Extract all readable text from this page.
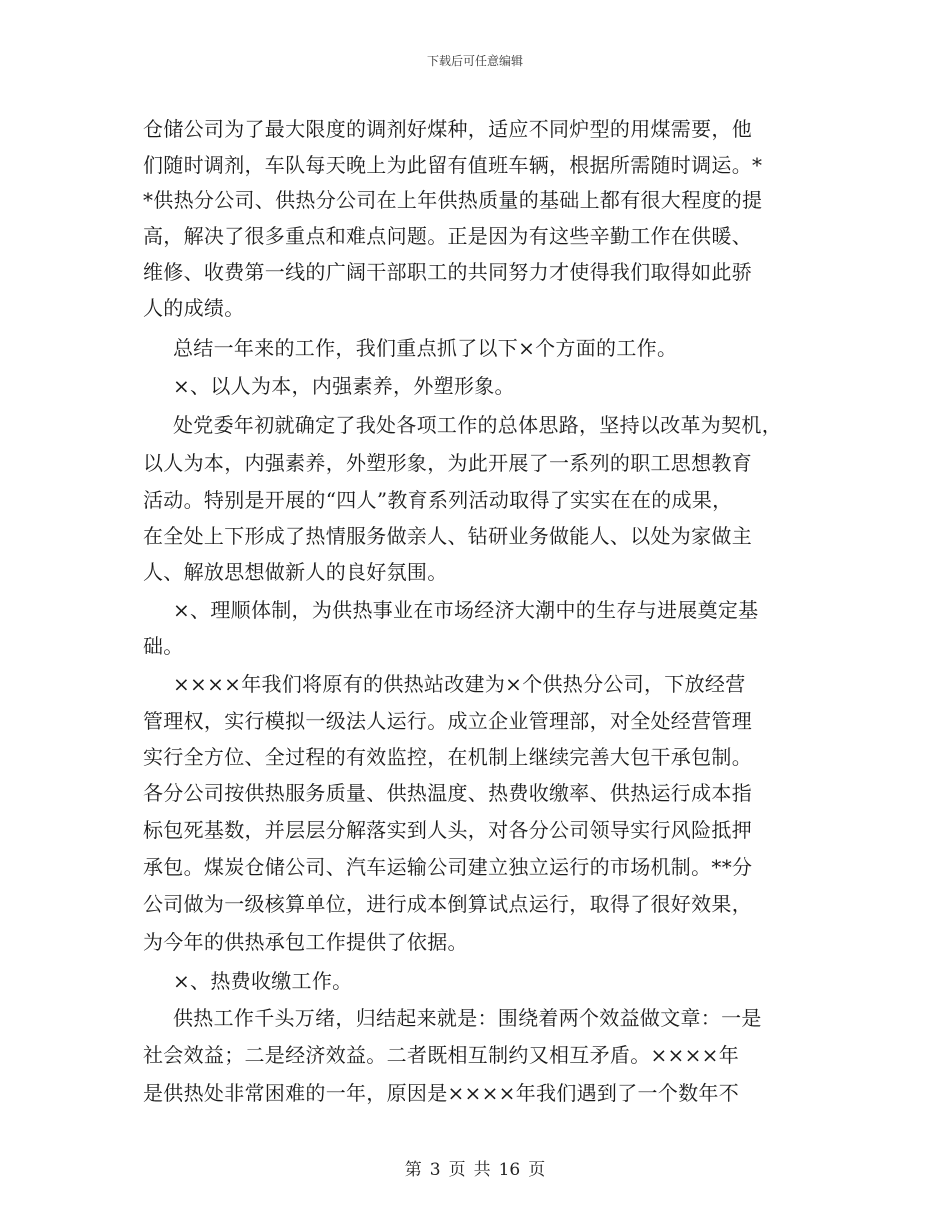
下载后可任意编辑
仓储公司为了最大限度的调剂好煤种，适应不同炉型的用煤需要，他
们随时调剂，车队每天晚上为此留有值班车辆，根据所需随时调运。*
*供热分公司、供热分公司在上年供热质量的基础上都有很大程度的提
高，解决了很多重点和难点问题。正是因为有这些辛勤工作在供暖、
维修、收费第一线的广阔干部职工的共同努力才使得我们取得如此骄
人的成绩。
总结一年来的工作，我们重点抓了以下×个方面的工作。
×、以人为本，内强素养，外塑形象。
处党委年初就确定了我处各项工作的总体思路，坚持以改革为契机，
以人为本，内强素养，外塑形象，为此开展了一系列的职工思想教育
活动。特别是开展的“四人”教育系列活动取得了实实在在的成果，
在全处上下形成了热情服务做亲人、钻研业务做能人、以处为家做主
人、解放思想做新人的良好氛围。
×、理顺体制，为供热事业在市场经济大潮中的生存与进展奠定基
础。
××××年我们将原有的供热站改建为×个供热分公司，下放经营
管理权，实行模拟一级法人运行。成立企业管理部，对全处经营管理
实行全方位、全过程的有效监控，在机制上继续完善大包干承包制。
各分公司按供热服务质量、供热温度、热费收缴率、供热运行成本指
标包死基数，并层层分解落实到人头，对各分公司领导实行风险抵押
承包。煤炭仓储公司、汽车运输公司建立独立运行的市场机制。**分
公司做为一级核算单位，进行成本倒算试点运行，取得了很好效果，
为今年的供热承包工作提供了依据。
×、热费收缴工作。
供热工作千头万绪，归结起来就是：围绕着两个效益做文章：一是
社会效益；二是经济效益。二者既相互制约又相互矛盾。××××年
是供热处非常困难的一年，原因是××××年我们遇到了一个数年不
第 3 页 共 16 页
